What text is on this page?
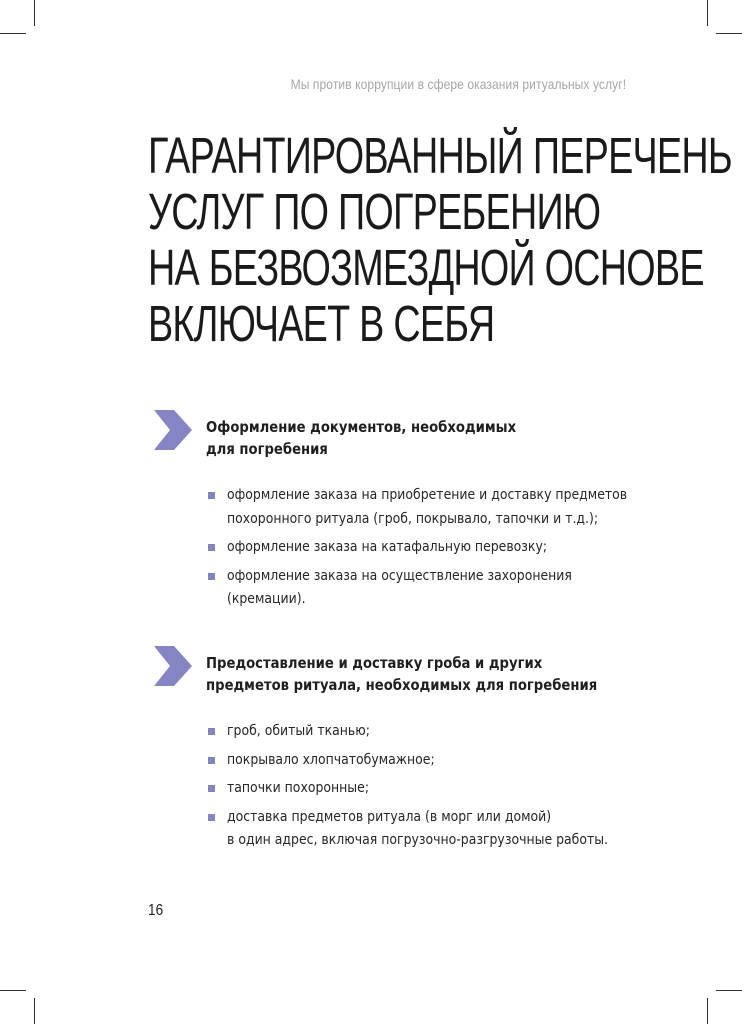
Мы против коррупции в сфере оказания ритуальных услуг!
ГАРАНТИРОВАННЫЙ ПЕРЕЧЕНЬ
УСЛУГ ПО ПОГРЕБЕНИЮ
НА БЕЗВОЗМЕЗДНОЙ ОСНОВЕ
ВКЛЮЧАЕТ В СЕБЯ
Оформление документов, необходимых
для погребения
оформление заказа на приобретение и доставку предметов
похоронного ритуала (гроб, покрывало, тапочки и т.д.);
оформление заказа на катафальную перевозку;
оформление заказа на осуществление захоронения
(кремации).
Предоставление и доставку гроба и других
предметов ритуала, необходимых для погребения
гроб, обитый тканью;
покрывало хлопчатобумажное;
тапочки похоронные;
доставка предметов ритуала (в морг или домой)
в один адрес, включая погрузочно-разгрузочные работы.
16
